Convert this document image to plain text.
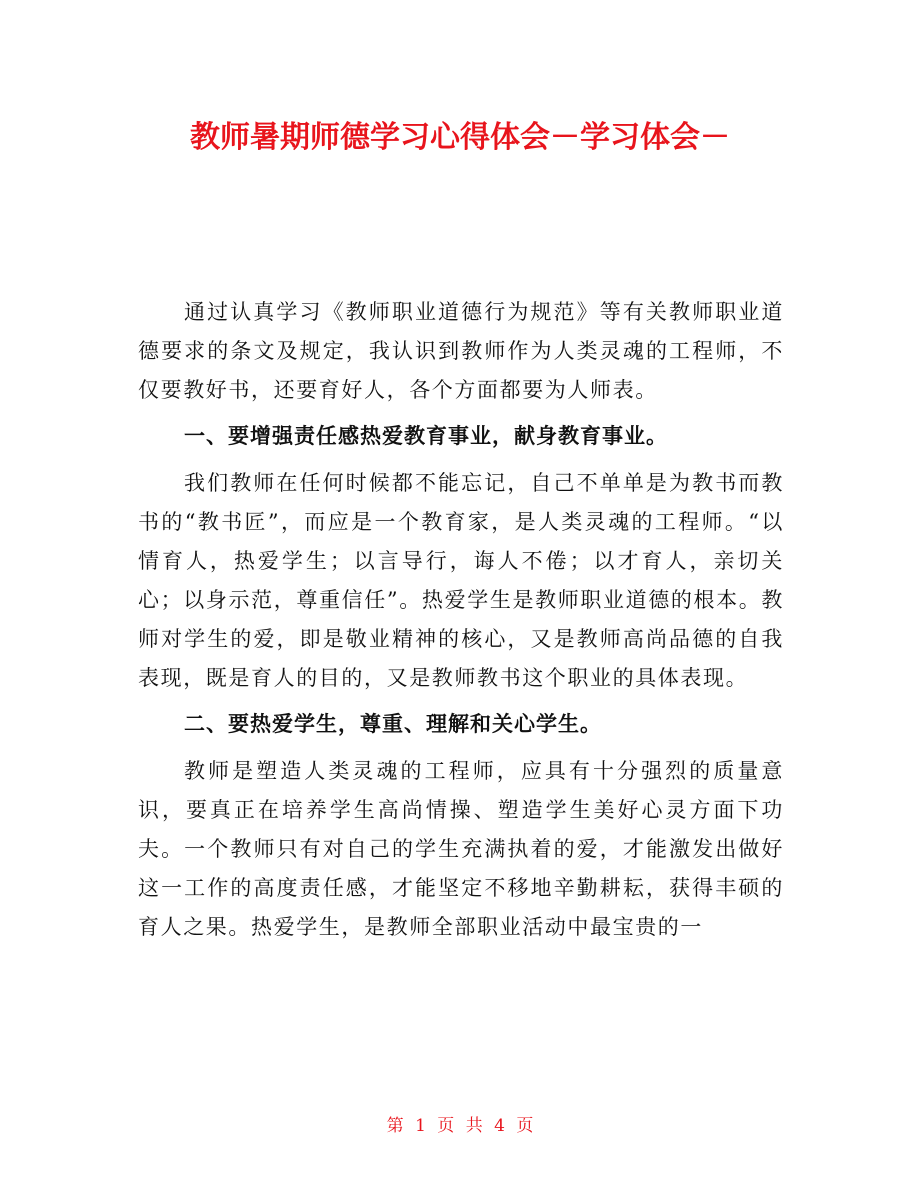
教师暑期师德学习心得体会－学习体会－

通过认真学习《教师职业道德行为规范》等有关教师职业道德要求的条文及规定，我认识到教师作为人类灵魂的工程师，不仅要教好书，还要育好人，各个方面都要为人师表。

一、要增强责任感热爱教育事业，献身教育事业。

我们教师在任何时候都不能忘记，自己不单单是为教书而教书的“教书匠”，而应是一个教育家，是人类灵魂的工程师。“以情育人，热爱学生；以言导行，诲人不倦；以才育人，亲切关心；以身示范，尊重信任”。热爱学生是教师职业道德的根本。教师对学生的爱，即是敬业精神的核心，又是教师高尚品德的自我表现，既是育人的目的，又是教师教书这个职业的具体表现。

二、要热爱学生，尊重、理解和关心学生。

教师是塑造人类灵魂的工程师，应具有十分强烈的质量意识，要真正在培养学生高尚情操、塑造学生美好心灵方面下功夫。一个教师只有对自己的学生充满执着的爱，才能激发出做好这一工作的高度责任感，才能坚定不移地辛勤耕耘，获得丰硕的育人之果。热爱学生，是教师全部职业活动中最宝贵的一

第 1 页 共 4 页
